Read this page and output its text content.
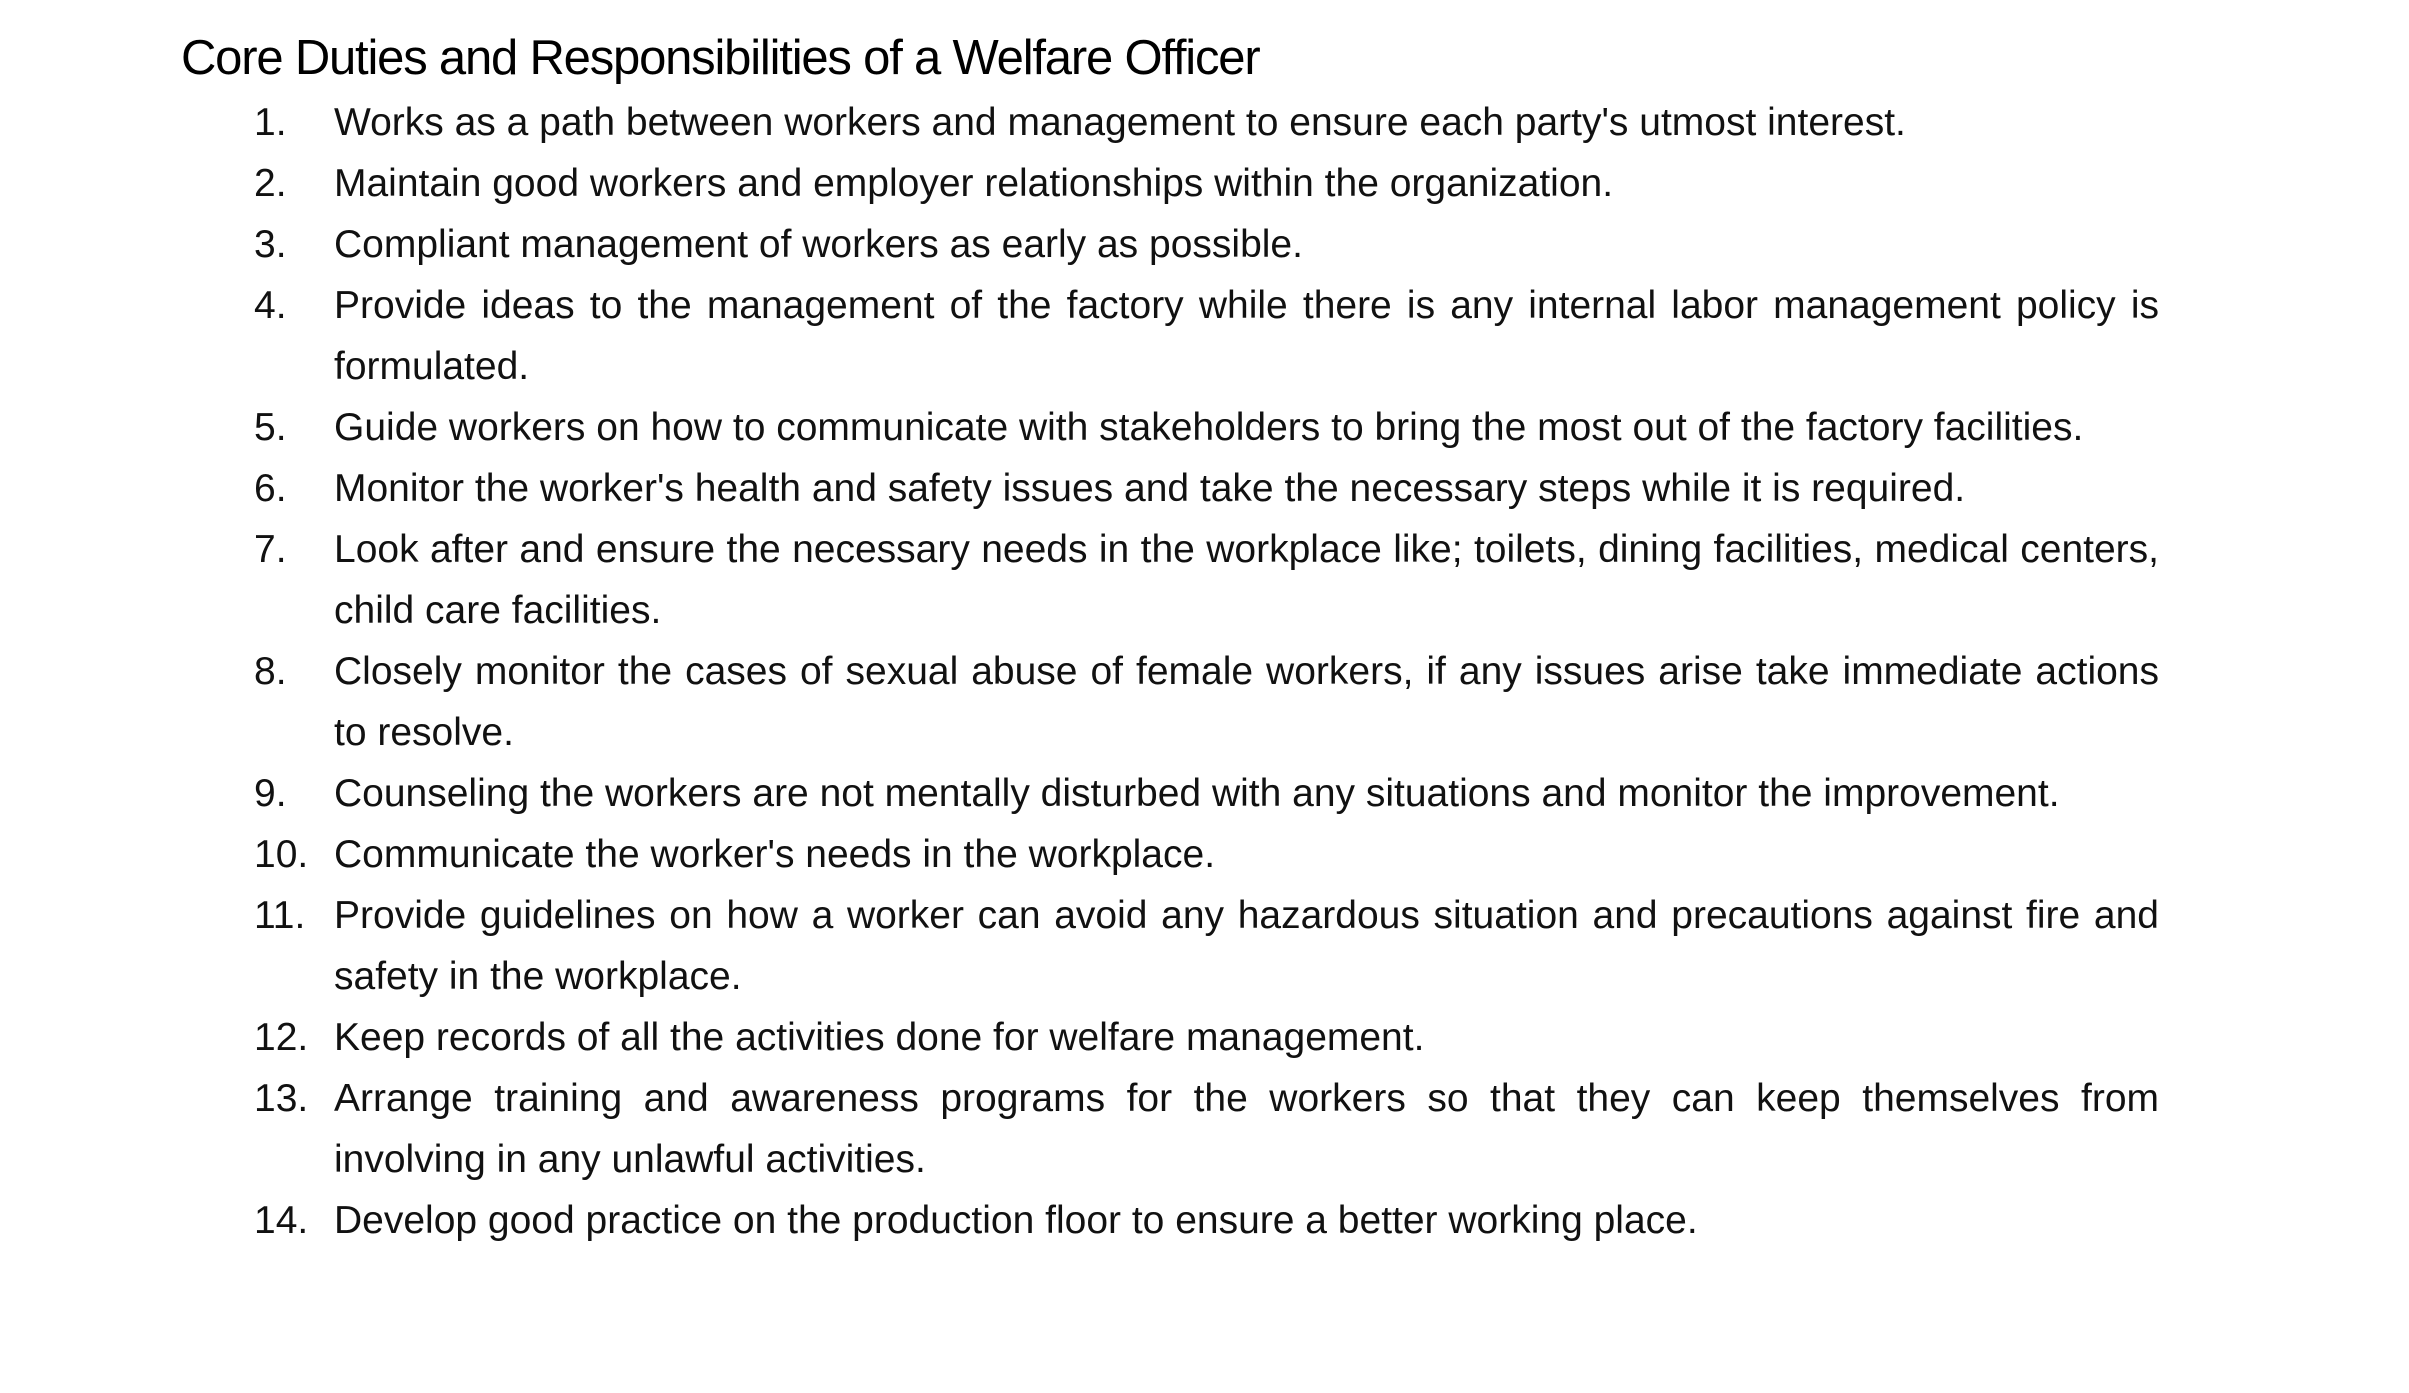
Core Duties and Responsibilities of a Welfare Officer
1. Works as a path between workers and management to ensure each party's utmost interest.
2. Maintain good workers and employer relationships within the organization.
3. Compliant management of workers as early as possible.
4. Provide ideas to the management of the factory while there is any internal labor management policy is formulated.
5. Guide workers on how to communicate with stakeholders to bring the most out of the factory facilities.
6. Monitor the worker's health and safety issues and take the necessary steps while it is required.
7. Look after and ensure the necessary needs in the workplace like; toilets, dining facilities, medical centers, child care facilities.
8. Closely monitor the cases of sexual abuse of female workers, if any issues arise take immediate actions to resolve.
9. Counseling the workers are not mentally disturbed with any situations and monitor the improvement.
10. Communicate the worker's needs in the workplace.
11. Provide guidelines on how a worker can avoid any hazardous situation and precautions against fire and safety in the workplace.
12. Keep records of all the activities done for welfare management.
13. Arrange training and awareness programs for the workers so that they can keep themselves from involving in any unlawful activities.
14. Develop good practice on the production floor to ensure a better working place.
